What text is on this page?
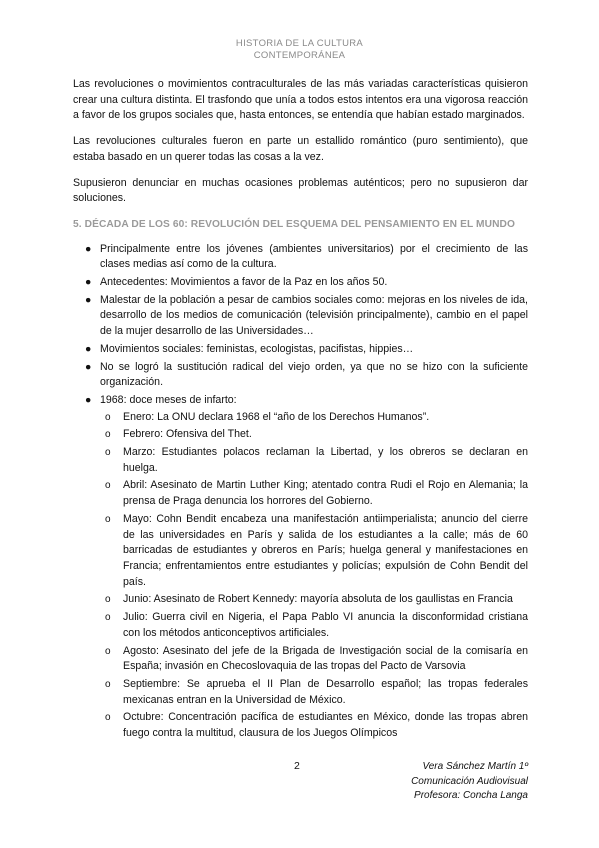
HISTORIA DE LA CULTURA
CONTEMPORÁNEA

Las revoluciones o movimientos contraculturales de las más variadas características quisieron crear una cultura distinta. El trasfondo que unía a todos estos intentos era una vigorosa reacción a favor de los grupos sociales que, hasta entonces, se entendía que habían estado marginados.

Las revoluciones culturales fueron en parte un estallido romántico (puro sentimiento), que estaba basado en un querer todas las cosas a la vez.

Supusieron denunciar en muchas ocasiones problemas auténticos; pero no supusieron dar soluciones.

5. DÉCADA DE LOS 60: REVOLUCIÓN DEL ESQUEMA DEL PENSAMIENTO EN EL MUNDO
● Principalmente entre los jóvenes (ambientes universitarios) por el crecimiento de las clases medias así como de la cultura.
● Antecedentes: Movimientos a favor de la Paz en los años 50.
● Malestar de la población a pesar de cambios sociales como: mejoras en los niveles de ida, desarrollo de los medios de comunicación (televisión principalmente), cambio en el papel de la mujer desarrollo de las Universidades…
● Movimientos sociales: feministas, ecologistas, pacifistas, hippies…
● No se logró la sustitución radical del viejo orden, ya que no se hizo con la suficiente organización.
● 1968: doce meses de infarto:
o Enero: La ONU declara 1968 el “año de los Derechos Humanos”.
o Febrero: Ofensiva del Thet.
o Marzo: Estudiantes polacos reclaman la Libertad, y los obreros se declaran en huelga.
o Abril: Asesinato de Martin Luther King; atentado contra Rudi el Rojo en Alemania; la prensa de Praga denuncia los horrores del Gobierno.
o Mayo: Cohn Bendit encabeza una manifestación antiimperialista; anuncio del cierre de las universidades en París y salida de los estudiantes a la calle; más de 60 barricadas de estudiantes y obreros en París; huelga general y manifestaciones en Francia; enfrentamientos entre estudiantes y policías; expulsión de Cohn Bendit del país.
o Junio: Asesinato de Robert Kennedy: mayoría absoluta de los gaullistas en Francia
o Julio: Guerra civil en Nigeria, el Papa Pablo VI anuncia la disconformidad cristiana con los métodos anticonceptivos artificiales.
o Agosto: Asesinato del jefe de la Brigada de Investigación social de la comisaría en España; invasión en Checoslovaquia de las tropas del Pacto de Varsovia
o Septiembre: Se aprueba el II Plan de Desarrollo español; las tropas federales mexicanas entran en la Universidad de México.
o Octubre: Concentración pacífica de estudiantes en México, donde las tropas abren fuego contra la multitud, clausura de los Juegos Olímpicos
2	Vera Sánchez Martín 1º
Comunicación Audiovisual
Profesora: Concha Langa
